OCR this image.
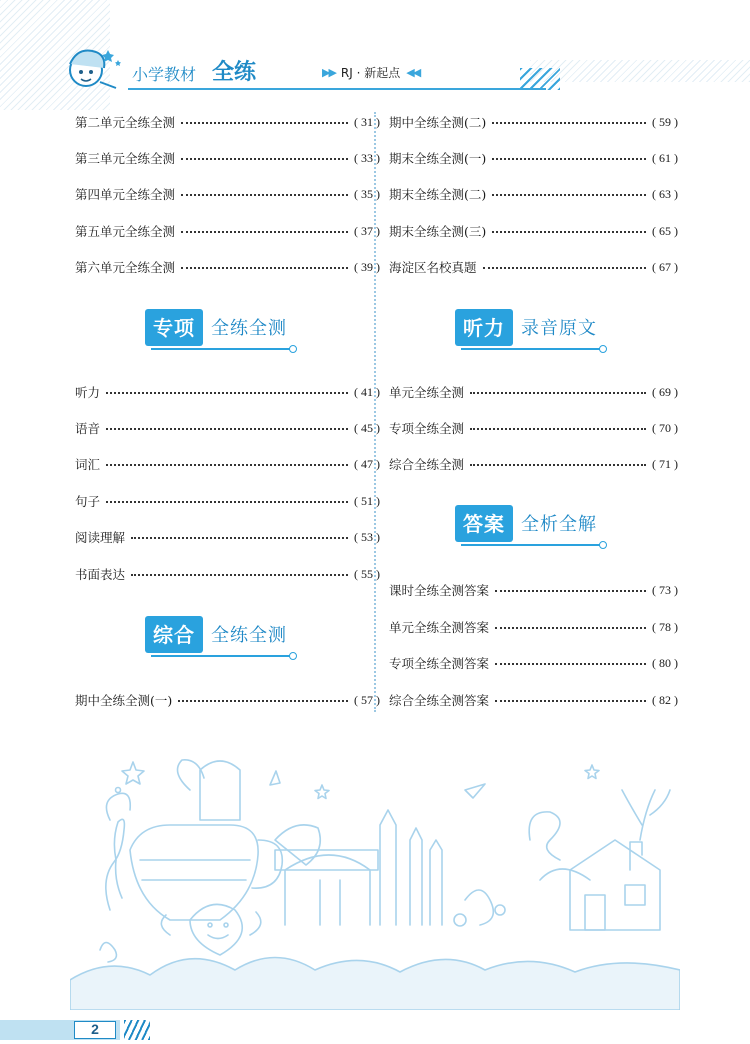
小学教材 全练	▶▶ RJ · 新起点 ◀◀
第二单元全练全测	( 31 )
第三单元全练全测	( 33 )
第四单元全练全测	( 35 )
第五单元全练全测	( 37 )
第六单元全练全测	( 39 )
专项 全练全测
听力	( 41 )
语音	( 45 )
词汇	( 47 )
句子	( 51 )
阅读理解	( 53 )
书面表达	( 55 )
综合 全练全测
期中全练全测(一)	( 57 )
期中全练全测(二)	( 59 )
期末全练全测(一)	( 61 )
期末全练全测(二)	( 63 )
期末全练全测(三)	( 65 )
海淀区名校真题	( 67 )
听力 录音原文
单元全练全测	( 69 )
专项全练全测	( 70 )
综合全练全测	( 71 )
答案 全析全解
课时全练全测答案	( 73 )
单元全练全测答案	( 78 )
专项全练全测答案	( 80 )
综合全练全测答案	( 82 )
2
